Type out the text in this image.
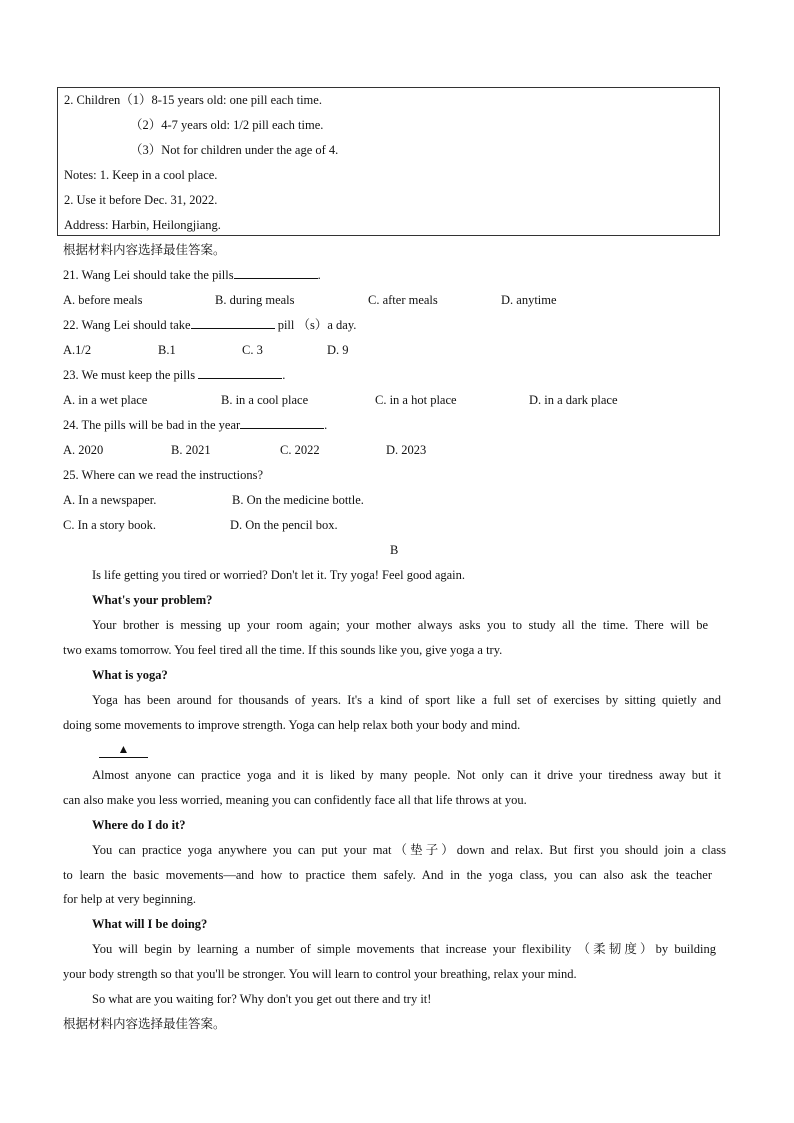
2. Children（1）8-15 years old: one pill each time.
（2）4-7 years old: 1/2 pill each time.
（3）Not for children under the age of 4.
Notes: 1. Keep in a cool place.
2. Use it before Dec. 31, 2022.
Address: Harbin, Heilongjiang.
根据材料内容选择最佳答案。
21. Wang Lei should take the pills	.
A. before meals	B. during meals	C. after meals	D. anytime
22. Wang Lei should take	pill （s）a day.
A.1/2	B.1	C. 3	D. 9
23. We must keep the pills	.
A. in a wet place	B. in a cool place	C. in a hot place	D. in a dark place
24. The pills will be bad in the year	.
A. 2020	B. 2021	C. 2022	D. 2023
25. Where can we read the instructions?
A. In a newspaper.	B. On the medicine bottle.
C. In a story book.	D. On the pencil box.
B
Is life getting you tired or worried? Don't let it. Try yoga! Feel good again.
What's your problem?
Your brother is messing up your room again; your mother always asks you to study all the time. There will be
two exams tomorrow. You feel tired all the time. If this sounds like you, give yoga a try.
What is yoga?
Yoga has been around for thousands of years. It's a kind of sport like a full set of exercises by sitting quietly and
doing some movements to improve strength. Yoga can help relax both your body and mind.
▲
Almost anyone can practice yoga and it is liked by many people. Not only can it drive your tiredness away but it
can also make you less worried, meaning you can confidently face all that life throws at you.
Where do I do it?
You can practice yoga anywhere you can put your mat（垫子）down and relax. But first you should join a class
to learn the basic movements—and how to practice them safely. And in the yoga class, you can also ask the teacher
for help at very beginning.
What will I be doing?
You will begin by learning a number of simple movements that increase your flexibility （柔韧度）by building
your body strength so that you'll be stronger. You will learn to control your breathing, relax your mind.
So what are you waiting for? Why don't you get out there and try it!
根据材料内容选择最佳答案。
